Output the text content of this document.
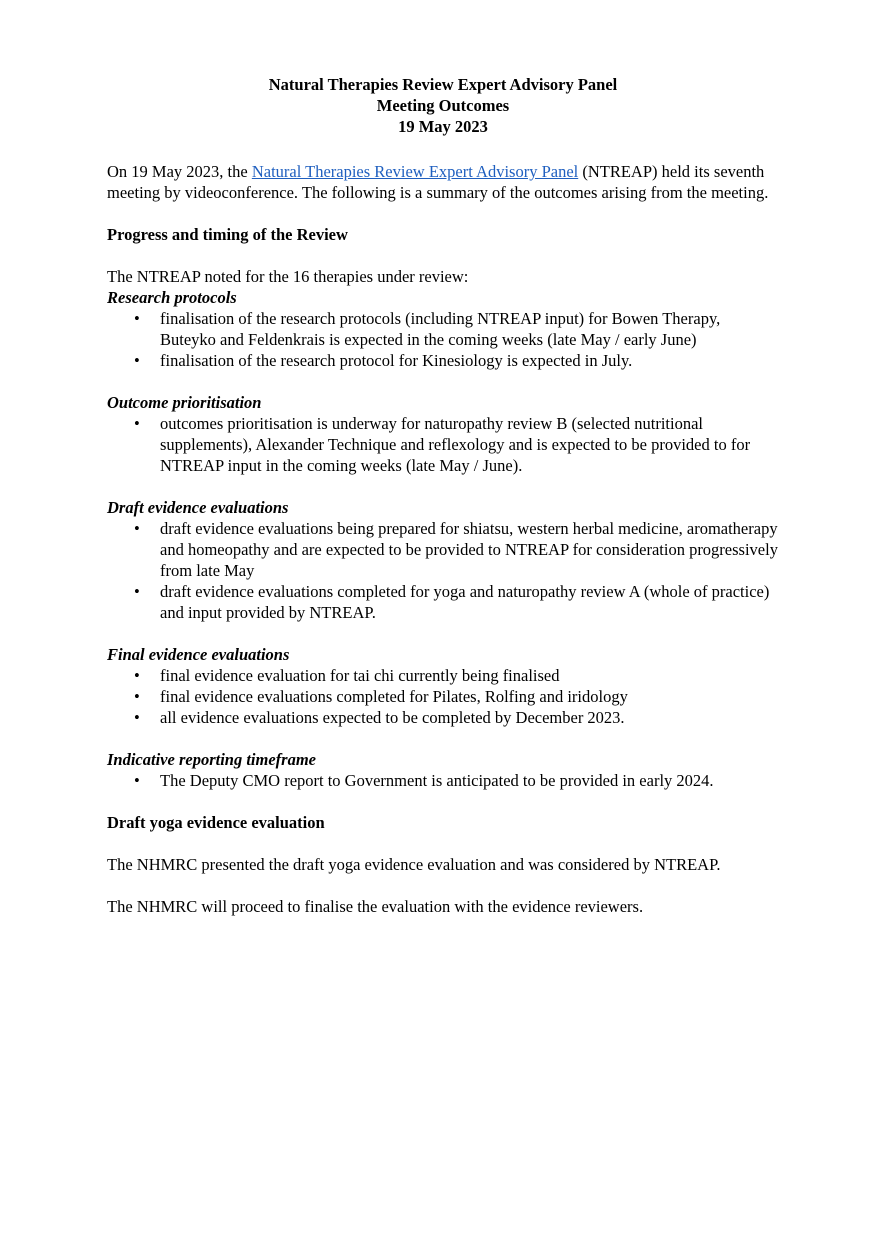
Natural Therapies Review Expert Advisory Panel
Meeting Outcomes
19 May 2023

On 19 May 2023, the Natural Therapies Review Expert Advisory Panel (NTREAP) held its seventh meeting by videoconference. The following is a summary of the outcomes arising from the meeting.

Progress and timing of the Review

The NTREAP noted for the 16 therapies under review:

Research protocols

• finalisation of the research protocols (including NTREAP input) for Bowen Therapy, Buteyko and Feldenkrais is expected in the coming weeks (late May / early June)
• finalisation of the research protocol for Kinesiology is expected in July.

Outcome prioritisation

• outcomes prioritisation is underway for naturopathy review B (selected nutritional supplements), Alexander Technique and reflexology and is expected to be provided to for NTREAP input in the coming weeks (late May / June).

Draft evidence evaluations

• draft evidence evaluations being prepared for shiatsu, western herbal medicine, aromatherapy and homeopathy and are expected to be provided to NTREAP for consideration progressively from late May
• draft evidence evaluations completed for yoga and naturopathy review A (whole of practice) and input provided by NTREAP.

Final evidence evaluations

• final evidence evaluation for tai chi currently being finalised
• final evidence evaluations completed for Pilates, Rolfing and iridology
• all evidence evaluations expected to be completed by December 2023.

Indicative reporting timeframe

• The Deputy CMO report to Government is anticipated to be provided in early 2024.

Draft yoga evidence evaluation

The NHMRC presented the draft yoga evidence evaluation and was considered by NTREAP.

The NHMRC will proceed to finalise the evaluation with the evidence reviewers.
